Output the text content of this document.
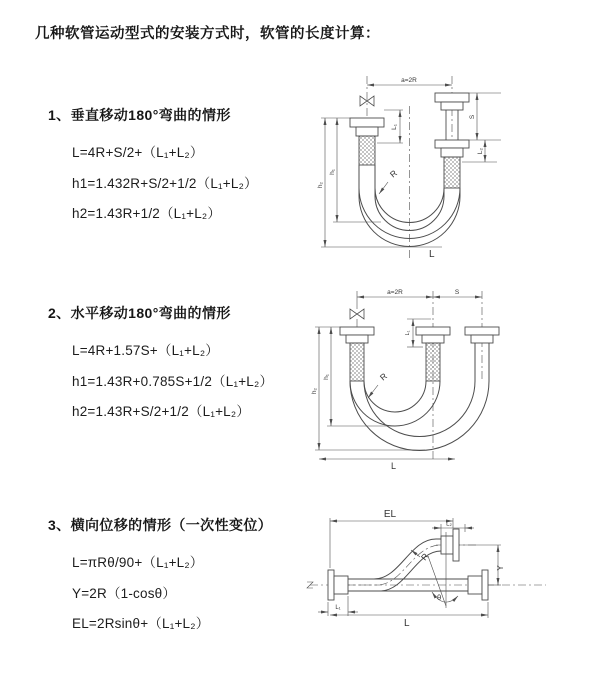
几种软管运动型式的安装方式时，软管的长度计算：
1、垂直移动180°弯曲的情形
L=4R+S/2+（L₁+L₂）
h1=1.432R+S/2+1/2（L₁+L₂）
h2=1.43R+1/2（L₁+L₂）
2、水平移动180°弯曲的情形
L=4R+1.57S+（L₁+L₂）
h1=1.43R+0.785S+1/2（L₁+L₂）
h2=1.43R+S/2+1/2（L₁+L₂）
3、横向位移的情形（一次性变位）
L=πRθ/90+（L₁+L₂）
Y=2R（1-cosθ）
EL=2Rsinθ+（L₁+L₂）
a=2R
L₁
S
L₂
h₁
h₂
R
L
a=2R	S
L₁
h₁
h₂
R
L
EL
L₂
Y
R
θ
L
L₁
